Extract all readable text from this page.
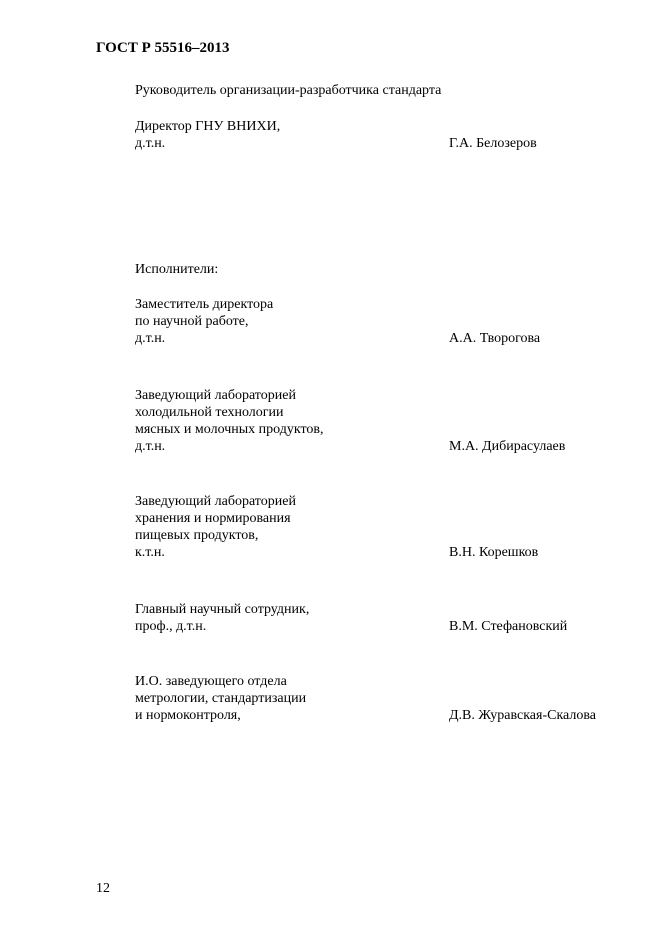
ГОСТ Р 55516–2013
Руководитель организации-разработчика стандарта
Директор ГНУ ВНИХИ,
д.т.н.	Г.А. Белозеров
Исполнители:
Заместитель директора
по научной работе,
д.т.н.	А.А. Творогова
Заведующий лабораторией
холодильной технологии
мясных и молочных продуктов,
д.т.н.	М.А. Дибирасулаев
Заведующий лабораторией
хранения и нормирования
пищевых продуктов,
к.т.н.	В.Н. Корешков
Главный научный сотрудник,
проф., д.т.н.	В.М. Стефановский
И.О. заведующего отдела
метрологии, стандартизации
и нормоконтроля,	Д.В. Журавская-Скалова
12
